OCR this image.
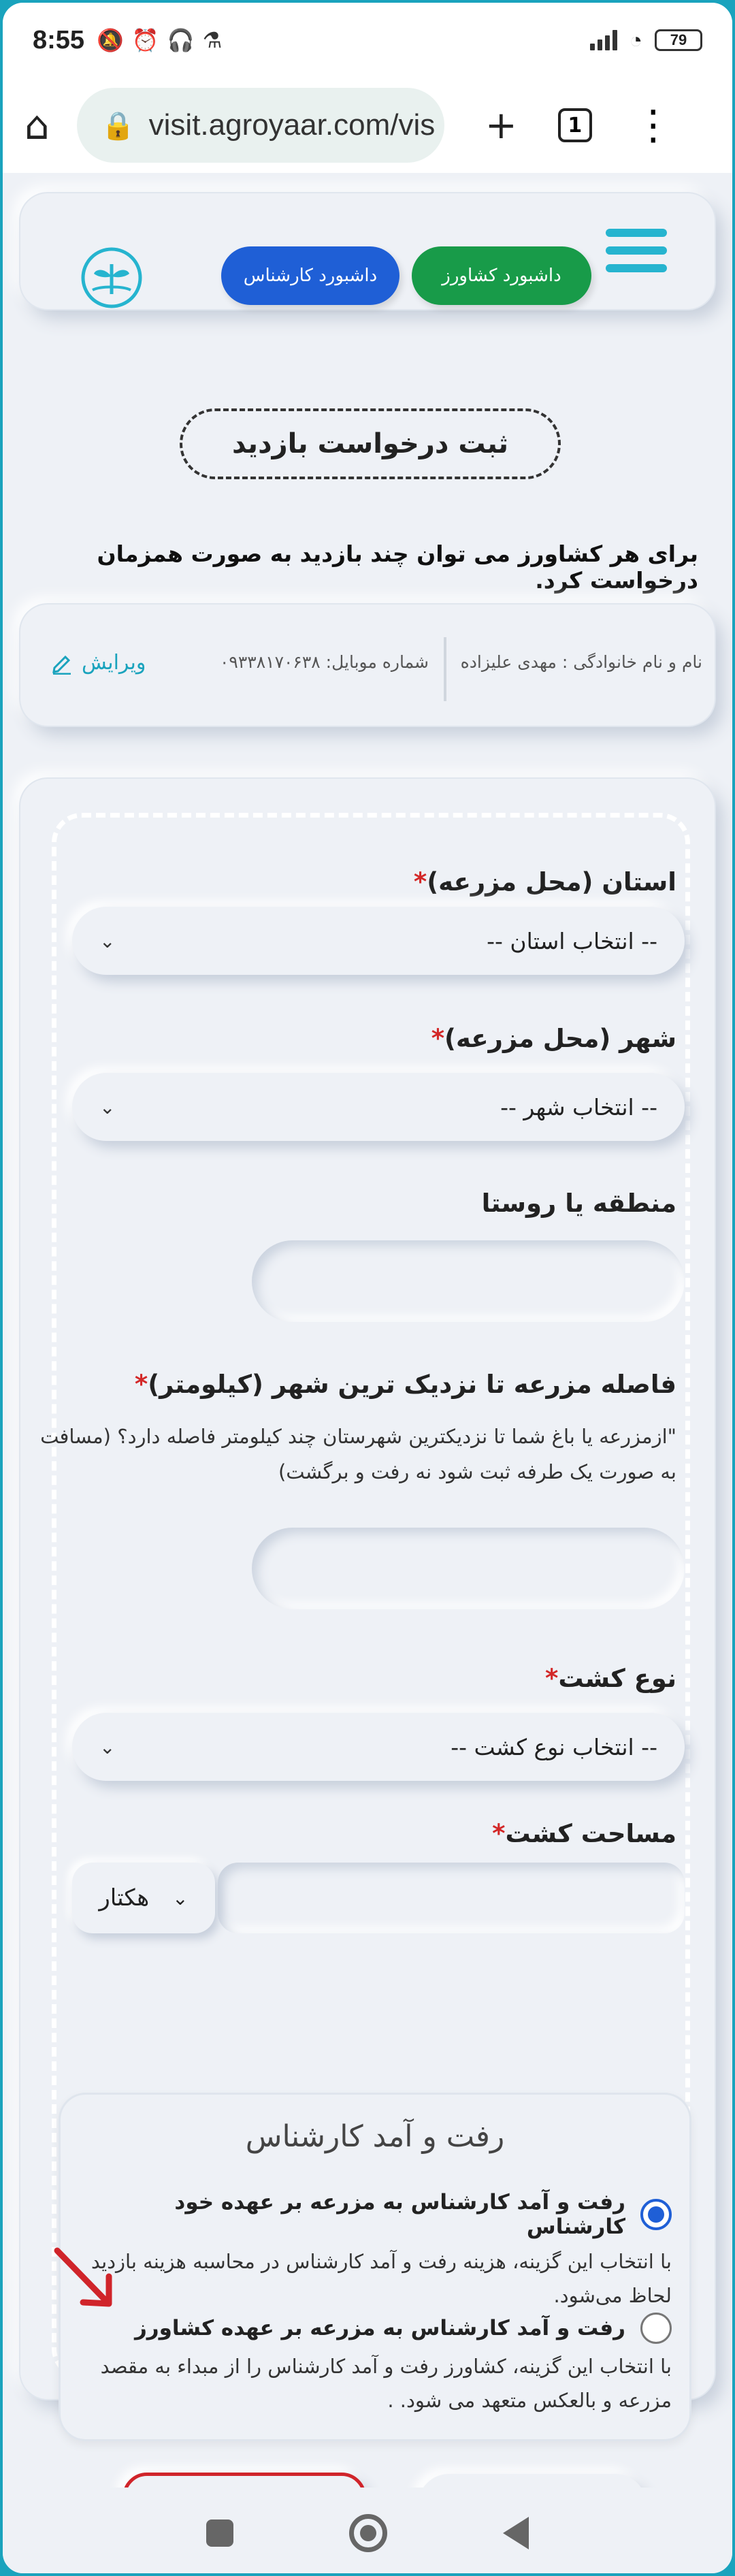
8:55 🔕 ⏰ 🎧 ⚗	◔	79
⌂ 🔒 visit.agroyaar.com/vis +	1 ⋮
داشبورد کشاورز
داشبورد کارشناس
ثبت درخواست بازدید
برای هر کشاورز می توان چند بازدید به صورت همزمان درخواست کرد.
نام و نام خانوادگی : مهدی علیزاده
شماره موبایل: ۰۹۳۳۸۱۷۰۶۳۸
ویرایش
استان (محل مزرعه)*
-- انتخاب استان --
⌄
شهر (محل مزرعه)*
-- انتخاب شهر --
⌄
منطقه یا روستا
فاصله مزرعه تا نزدیک ترین شهر (کیلومتر)*
"ازمزرعه یا باغ شما تا نزدیکترین شهرستان چند کیلومتر فاصله دارد؟ (مسافت به صورت یک طرفه ثبت شود نه رفت و برگشت)
نوع کشت*
-- انتخاب نوع کشت --
⌄
مساحت کشت*
هکتار ⌄
رفت و آمد کارشناس
رفت و آمد کارشناس به مزرعه بر عهده خود کارشناس
با انتخاب این گزینه، هزینه رفت و آمد کارشناس در محاسبه هزینه بازدید لحاظ می‌شود.
رفت و آمد کارشناس به مزرعه بر عهده کشاورز
با انتخاب این گزینه، کشاورز رفت و آمد کارشناس را از مبداء به مقصد مزرعه و بالعکس متعهد می شود. .
